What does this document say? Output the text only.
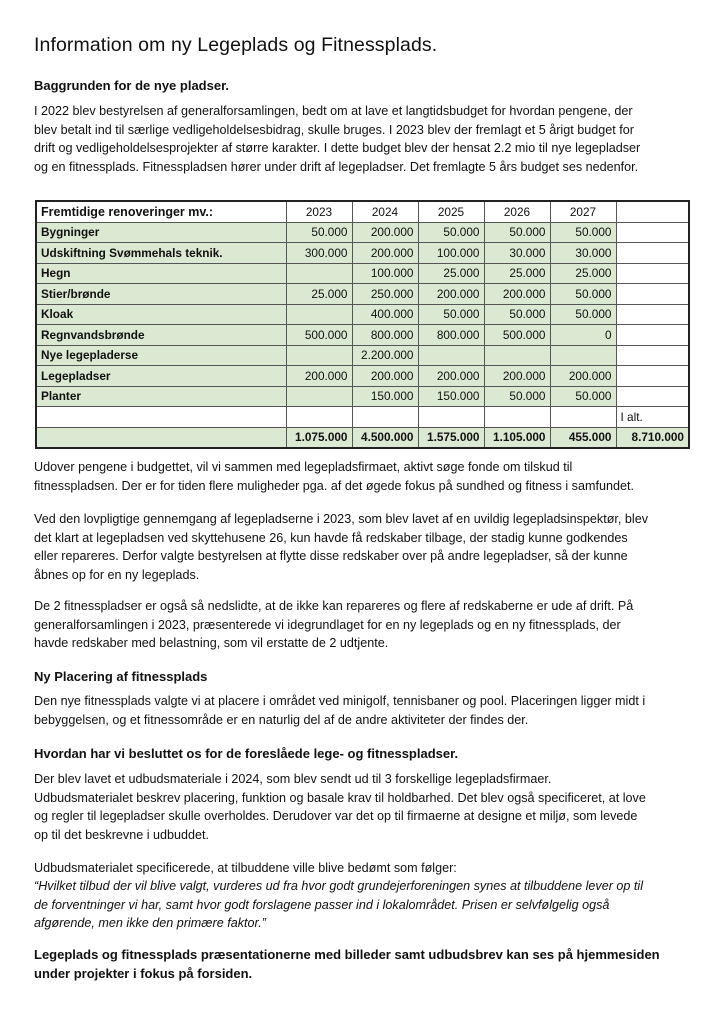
Information om ny Legeplads og Fitnessplads.
Baggrunden for de nye pladser.
I 2022 blev bestyrelsen af generalforsamlingen, bedt om at lave et langtidsbudget for hvordan pengene, der
blev betalt ind til særlige vedligeholdelsesbidrag, skulle bruges. I 2023 blev der fremlagt et 5 årigt budget for
drift og vedligeholdelsesprojekter af større karakter. I dette budget blev der hensat 2.2 mio til nye legepladser
og en fitnessplads. Fitnesspladsen hører under drift af legepladser. Det fremlagte 5 års budget ses nedenfor.
Fremtidige renoveringer mv.:	2023	2024	2025	2026	2027	
Bygninger	50.000	200.000	50.000	50.000	50.000	
Udskiftning Svømmehals teknik.	300.000	200.000	100.000	30.000	30.000	
Hegn		100.000	25.000	25.000	25.000	
Stier/brønde	25.000	250.000	200.000	200.000	50.000	
Kloak		400.000	50.000	50.000	50.000	
Regnvandsbrønde	500.000	800.000	800.000	500.000	0	
Nye legepladerse		2.200.000				
Legepladser	200.000	200.000	200.000	200.000	200.000	
Planter		150.000	150.000	50.000	50.000	
						I alt.
	1.075.000	4.500.000	1.575.000	1.105.000	455.000	8.710.000
Udover pengene i budgettet, vil vi sammen med legepladsfirmaet, aktivt søge fonde om tilskud til
fitnesspladsen. Der er for tiden flere muligheder pga. af det øgede fokus på sundhed og fitness i samfundet.
Ved den lovpligtige gennemgang af legepladserne i 2023, som blev lavet af en uvildig legepladsinspektør, blev
det klart at legepladsen ved skyttehusene 26, kun havde få redskaber tilbage, der stadig kunne godkendes
eller repareres. Derfor valgte bestyrelsen at flytte disse redskaber over på andre legepladser, så der kunne
åbnes op for en ny legeplads.
De 2 fitnesspladser er også så nedslidte, at de ikke kan repareres og flere af redskaberne er ude af drift. På
generalforsamlingen i 2023, præsenterede vi idegrundlaget for en ny legeplads og en ny fitnessplads, der
havde redskaber med belastning, som vil erstatte de 2 udtjente.
Ny Placering af fitnessplads
Den nye fitnessplads valgte vi at placere i området ved minigolf, tennisbaner og pool. Placeringen ligger midt i
bebyggelsen, og et fitnessområde er en naturlig del af de andre aktiviteter der findes der.
Hvordan har vi besluttet os for de foreslåede lege- og fitnesspladser.
Der blev lavet et udbudsmateriale i 2024, som blev sendt ud til 3 forskellige legepladsfirmaer.
Udbudsmaterialet beskrev placering, funktion og basale krav til holdbarhed. Det blev også specificeret, at love
og regler til legepladser skulle overholdes. Derudover var det op til firmaerne at designe et miljø, som levede
op til det beskrevne i udbuddet.
Udbudsmaterialet specificerede, at tilbuddene ville blive bedømt som følger:
“Hvilket tilbud der vil blive valgt, vurderes ud fra hvor godt grundejerforeningen synes at tilbuddene lever op til
de forventninger vi har, samt hvor godt forslagene passer ind i lokalområdet. Prisen er selvfølgelig også
afgørende, men ikke den primære faktor.”
Legeplads og fitnessplads præsentationerne med billeder samt udbudsbrev kan ses på hjemmesiden
under projekter i fokus på forsiden.
